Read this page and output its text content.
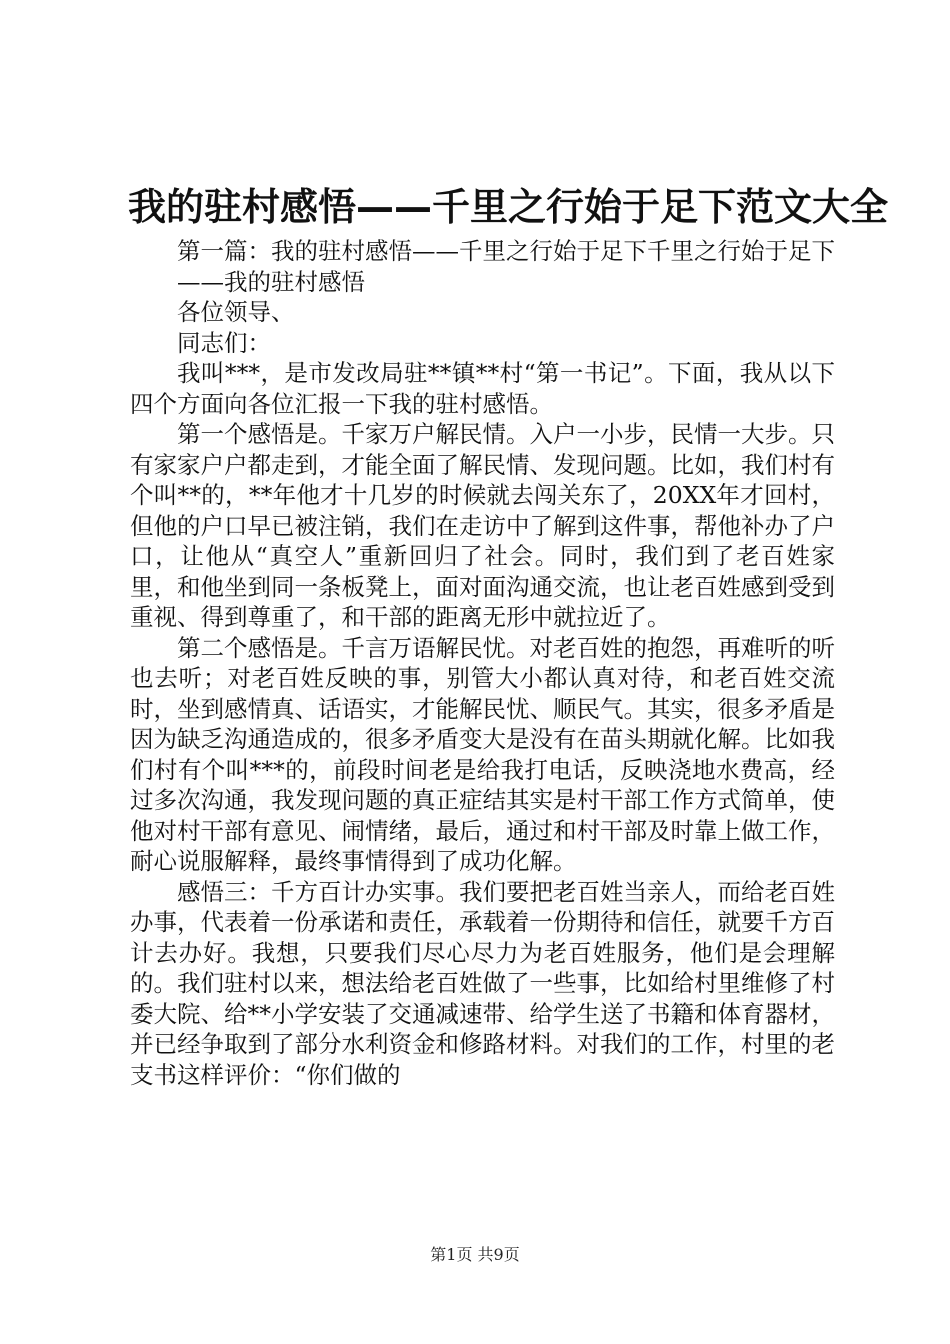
我的驻村感悟——千里之行始于足下范文大全

第一篇：我的驻村感悟——千里之行始于足下千里之行始于足下

——我的驻村感悟

各位领导、

同志们：

我叫***，是市发改局驻**镇**村“第一书记”。下面，我从以下四个方面向各位汇报一下我的驻村感悟。

第一个感悟是。千家万户解民情。入户一小步，民情一大步。只有家家户户都走到，才能全面了解民情、发现问题。比如，我们村有个叫**的，**年他才十几岁的时候就去闯关东了，20XX年才回村，但他的户口早已被注销，我们在走访中了解到这件事，帮他补办了户口，让他从“真空人”重新回归了社会。同时，我们到了老百姓家里，和他坐到同一条板凳上，面对面沟通交流，也让老百姓感到受到重视、得到尊重了，和干部的距离无形中就拉近了。

第二个感悟是。千言万语解民忧。对老百姓的抱怨，再难听的听也去听；对老百姓反映的事，别管大小都认真对待，和老百姓交流时，坐到感情真、话语实，才能解民忧、顺民气。其实，很多矛盾是因为缺乏沟通造成的，很多矛盾变大是没有在苗头期就化解。比如我们村有个叫***的，前段时间老是给我打电话，反映浇地水费高，经过多次沟通，我发现问题的真正症结其实是村干部工作方式简单，使他对村干部有意见、闹情绪，最后，通过和村干部及时靠上做工作，耐心说服解释，最终事情得到了成功化解。

感悟三：千方百计办实事。我们要把老百姓当亲人，而给老百姓办事，代表着一份承诺和责任，承载着一份期待和信任，就要千方百计去办好。我想，只要我们尽心尽力为老百姓服务，他们是会理解的。我们驻村以来，想法给老百姓做了一些事，比如给村里维修了村委大院、给**小学安装了交通减速带、给学生送了书籍和体育器材，并已经争取到了部分水利资金和修路材料。对我们的工作，村里的老支书这样评价：“你们做的

第1页 共9页
